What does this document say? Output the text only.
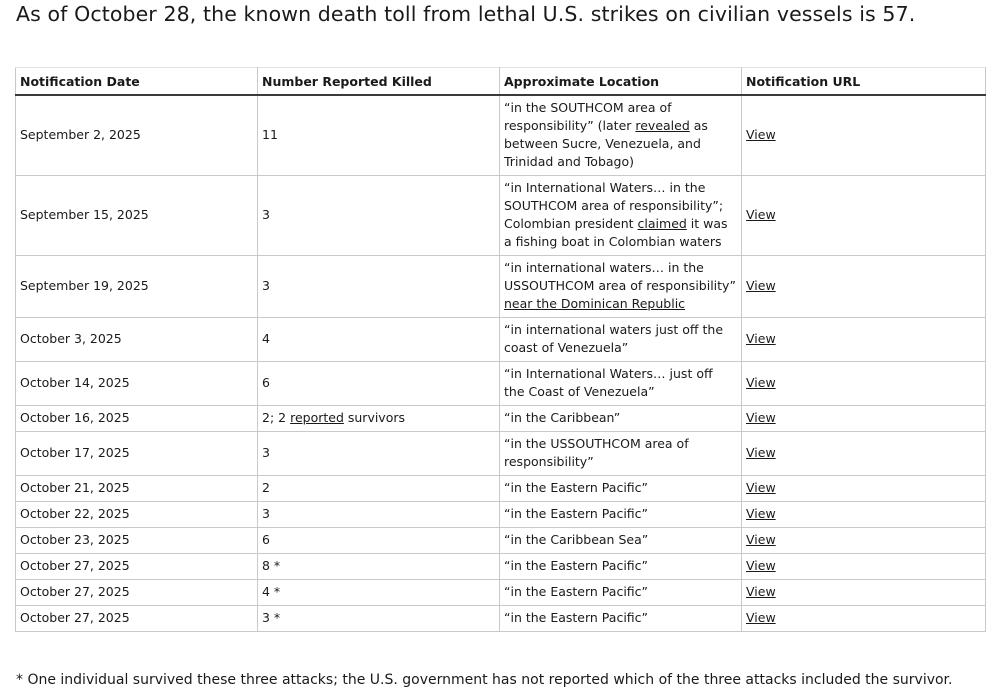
As of October 28, the known death toll from lethal U.S. strikes on civilian vessels is 57.
Notification Date	Number Reported Killed	Approximate Location	Notification URL
September 2, 2025	11	“in the SOUTHCOM area of responsibility” (later revealed as between Sucre, Venezuela, and Trinidad and Tobago)	View
September 15, 2025	3	“in International Waters… in the SOUTHCOM area of responsibility”; Colombian president claimed it was a fishing boat in Colombian waters	View
September 19, 2025	3	“in international waters… in the USSOUTHCOM area of responsibility” near the Dominican Republic	View
October 3, 2025	4	“in international waters just off the coast of Venezuela”	View
October 14, 2025	6	“in International Waters… just off the Coast of Venezuela”	View
October 16, 2025	2; 2 reported survivors	“in the Caribbean”	View
October 17, 2025	3	“in the USSOUTHCOM area of responsibility”	View
October 21, 2025	2	“in the Eastern Pacific”	View
October 22, 2025	3	“in the Eastern Pacific”	View
October 23, 2025	6	“in the Caribbean Sea”	View
October 27, 2025	8 *	“in the Eastern Pacific”	View
October 27, 2025	4 *	“in the Eastern Pacific”	View
October 27, 2025	3 *	“in the Eastern Pacific”	View

* One individual survived these three attacks; the U.S. government has not reported which of the three attacks included the survivor.
